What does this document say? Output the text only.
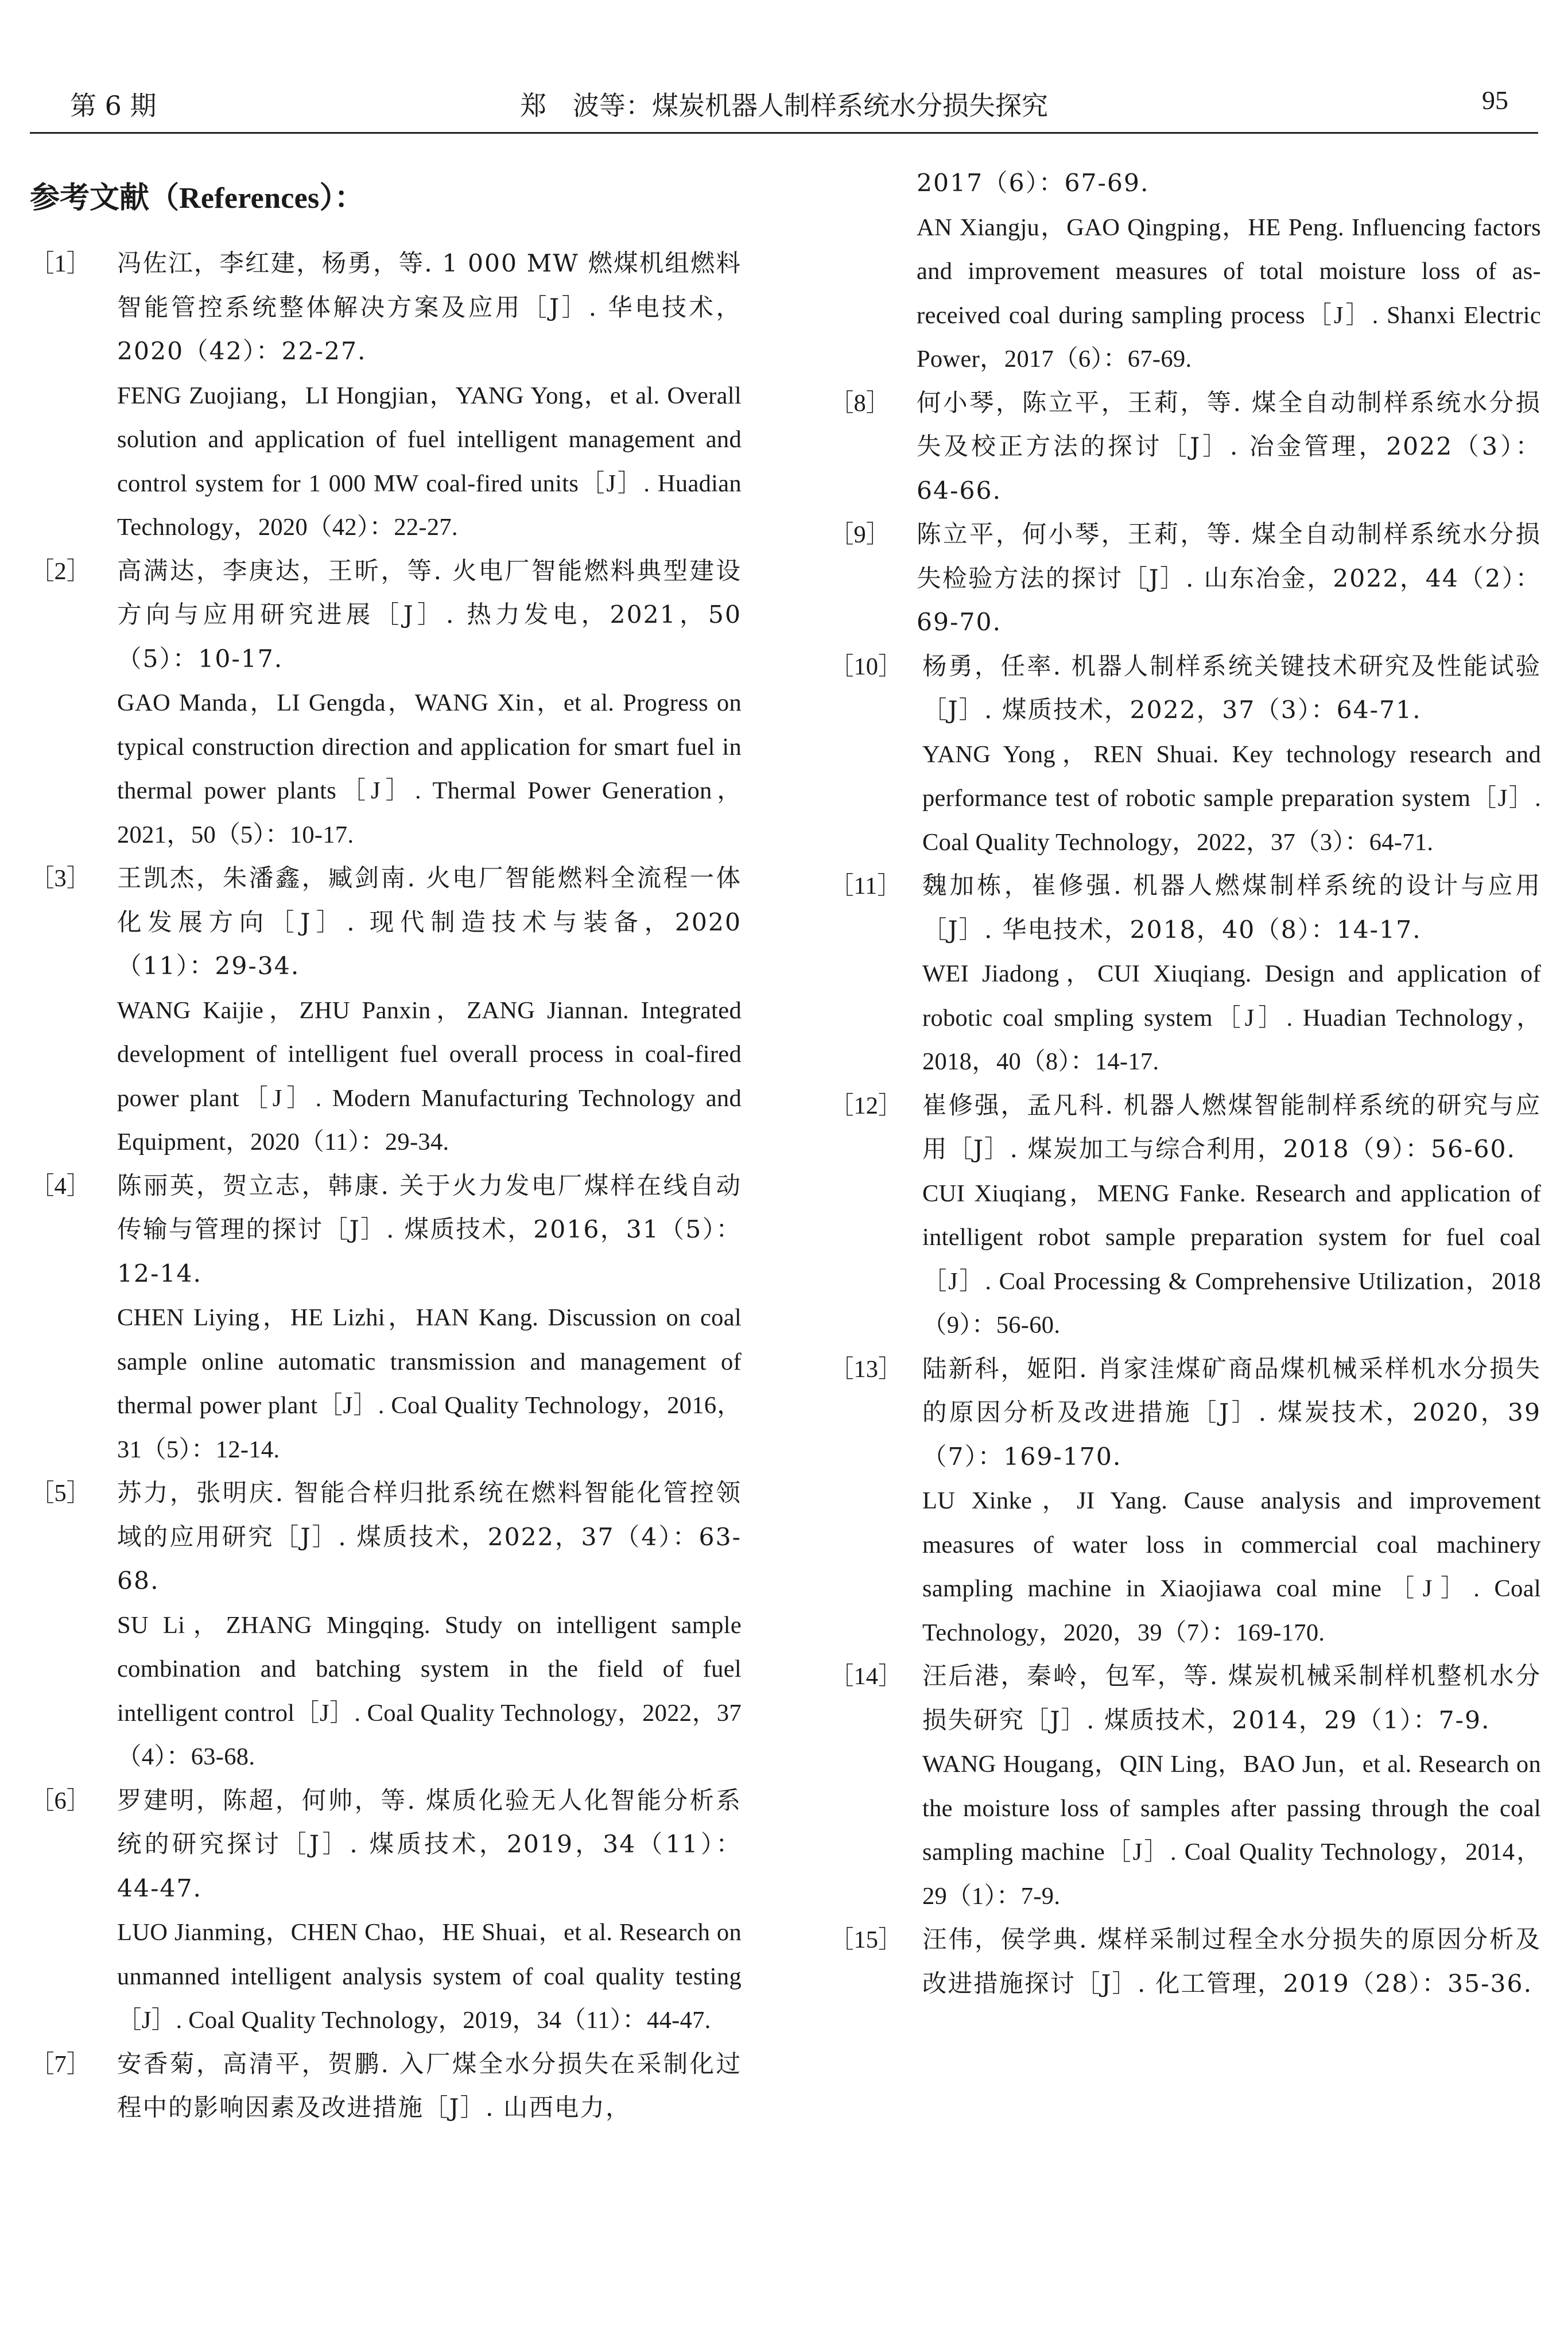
第 6 期	郑　波等：煤炭机器人制样系统水分损失探究	95
参考文献（References）：
［1］ 冯佐江，李红建，杨勇，等. 1 000 MW 燃煤机组燃料智能管控系统整体解决方案及应用［J］. 华电技术，2020（42）：22-27.
FENG Zuojiang，LI Hongjian，YANG Yong，et al. Overall solution and application of fuel intelligent management and control system for 1 000 MW coal-fired units［J］. Huadian Technology，2020（42）：22-27.
［2］ 高满达，李庚达，王昕，等. 火电厂智能燃料典型建设方向与应用研究进展［J］. 热力发电，2021，50（5）：10-17.
GAO Manda，LI Gengda，WANG Xin，et al. Progress on typical construction direction and application for smart fuel in thermal power plants［J］. Thermal Power Generation，2021，50（5）：10-17.
［3］ 王凯杰，朱潘鑫，臧剑南. 火电厂智能燃料全流程一体化发展方向［J］. 现代制造技术与装备，2020（11）：29-34.
WANG Kaijie，ZHU Panxin，ZANG Jiannan. Integrated development of intelligent fuel overall process in coal-fired power plant［J］. Modern Manufacturing Technology and Equipment，2020（11）：29-34.
［4］ 陈丽英，贺立志，韩康. 关于火力发电厂煤样在线自动传输与管理的探讨［J］. 煤质技术，2016，31（5）：12-14.
CHEN Liying，HE Lizhi，HAN Kang. Discussion on coal sample online automatic transmission and management of thermal power plant［J］. Coal Quality Technology，2016，31（5）：12-14.
［5］ 苏力，张明庆. 智能合样归批系统在燃料智能化管控领域的应用研究［J］. 煤质技术，2022，37（4）：63-68.
SU Li，ZHANG Mingqing. Study on intelligent sample combination and batching system in the field of fuel intelligent control［J］. Coal Quality Technology，2022，37（4）：63-68.
［6］ 罗建明，陈超，何帅，等. 煤质化验无人化智能分析系统的研究探讨［J］. 煤质技术，2019，34（11）：44-47.
LUO Jianming，CHEN Chao，HE Shuai，et al. Research on unmanned intelligent analysis system of coal quality testing［J］. Coal Quality Technology，2019，34（11）：44-47.
［7］ 安香菊，高清平，贺鹏. 入厂煤全水分损失在采制化过程中的影响因素及改进措施［J］. 山西电力，
2017（6）：67-69.
AN Xiangju，GAO Qingping，HE Peng. Influencing factors and improvement measures of total moisture loss of as-received coal during sampling process［J］. Shanxi Electric Power，2017（6）：67-69.
［8］ 何小琴，陈立平，王莉，等. 煤全自动制样系统水分损失及校正方法的探讨［J］. 冶金管理，2022（3）：64-66.
［9］ 陈立平，何小琴，王莉，等. 煤全自动制样系统水分损失检验方法的探讨［J］. 山东冶金，2022，44（2）：69-70.
［10］ 杨勇，任率. 机器人制样系统关键技术研究及性能试验［J］. 煤质技术，2022，37（3）：64-71.
YANG Yong，REN Shuai. Key technology research and performance test of robotic sample preparation system［J］. Coal Quality Technology，2022，37（3）：64-71.
［11］ 魏加栋，崔修强. 机器人燃煤制样系统的设计与应用［J］. 华电技术，2018，40（8）：14-17.
WEI Jiadong，CUI Xiuqiang. Design and application of robotic coal smpling system［J］. Huadian Technology，2018，40（8）：14-17.
［12］ 崔修强，孟凡科. 机器人燃煤智能制样系统的研究与应用［J］. 煤炭加工与综合利用，2018（9）：56-60.
CUI Xiuqiang，MENG Fanke. Research and application of intelligent robot sample preparation system for fuel coal［J］. Coal Processing & Comprehensive Utilization，2018（9）：56-60.
［13］ 陆新科，姬阳. 肖家洼煤矿商品煤机械采样机水分损失的原因分析及改进措施［J］. 煤炭技术，2020，39（7）：169-170.
LU Xinke，JI Yang. Cause analysis and improvement measures of water loss in commercial coal machinery sampling machine in Xiaojiawa coal mine［J］. Coal Technology，2020，39（7）：169-170.
［14］ 汪后港，秦岭，包军，等. 煤炭机械采制样机整机水分损失研究［J］. 煤质技术，2014，29（1）：7-9.
WANG Hougang，QIN Ling，BAO Jun，et al. Research on the moisture loss of samples after passing through the coal sampling machine［J］. Coal Quality Technology，2014，29（1）：7-9.
［15］ 汪伟，侯学典. 煤样采制过程全水分损失的原因分析及改进措施探讨［J］. 化工管理，2019（28）：35-36.
